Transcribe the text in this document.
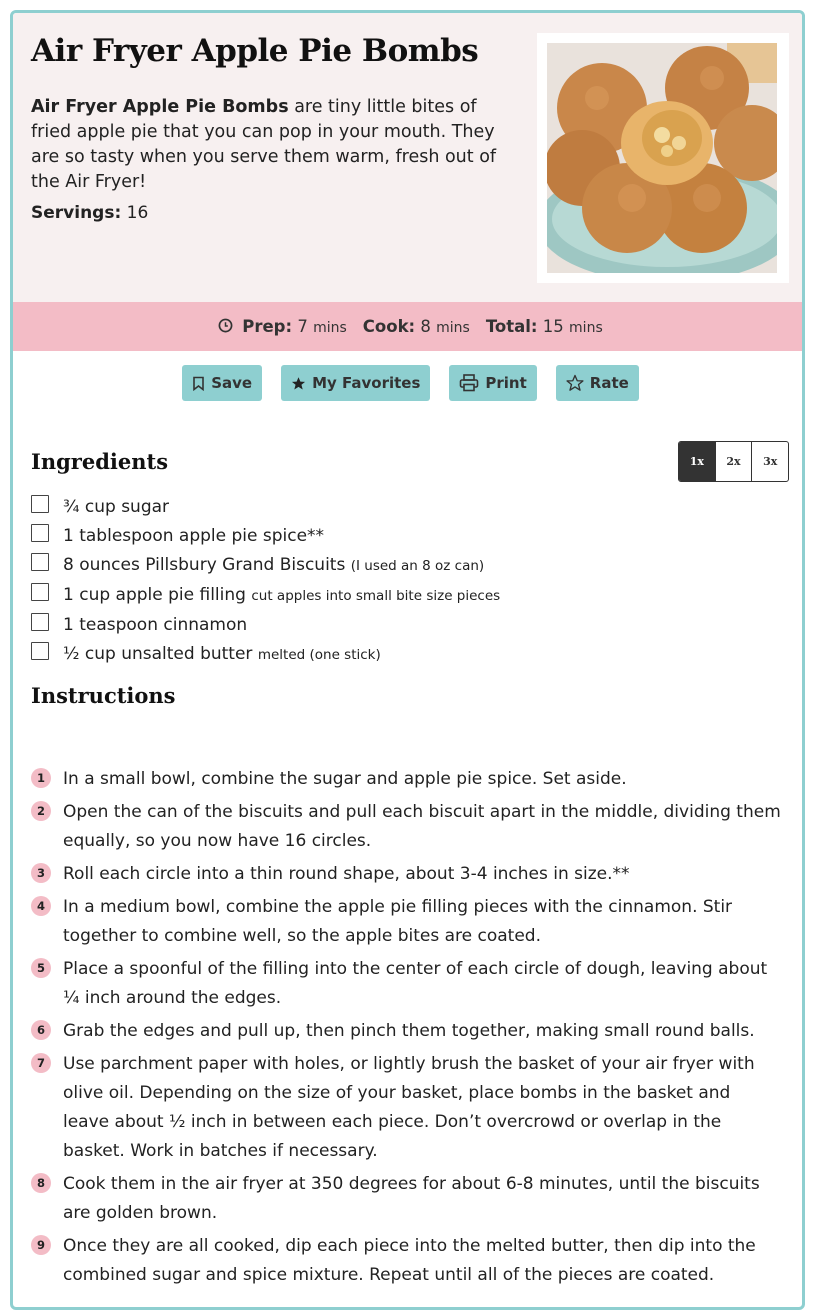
Air Fryer Apple Pie Bombs

Air Fryer Apple Pie Bombs are tiny little bites of fried apple pie that you can pop in your mouth. They are so tasty when you serve them warm, fresh out of the Air Fryer!

Servings: 16
Prep: 7 mins Cook: 8 mins Total: 15 mins
Save	My Favorites	Print	Rate
Ingredients	1x	2x	3x
¾ cup sugar
1 tablespoon apple pie spice**
8 ounces Pillsbury Grand Biscuits (I used an 8 oz can)
1 cup apple pie filling cut apples into small bite size pieces
1 teaspoon cinnamon
½ cup unsalted butter melted (one stick)
Instructions
1	In a small bowl, combine the sugar and apple pie spice. Set aside.
2	Open the can of the biscuits and pull each biscuit apart in the middle, dividing them equally, so you now have 16 circles.
3	Roll each circle into a thin round shape, about 3-4 inches in size.**
4	In a medium bowl, combine the apple pie filling pieces with the cinnamon. Stir together to combine well, so the apple bites are coated.
5	Place a spoonful of the filling into the center of each circle of dough, leaving about ¼ inch around the edges.
6	Grab the edges and pull up, then pinch them together, making small round balls.
7	Use parchment paper with holes, or lightly brush the basket of your air fryer with olive oil. Depending on the size of your basket, place bombs in the basket and leave about ½ inch in between each piece. Don’t overcrowd or overlap in the basket. Work in batches if necessary.
8	Cook them in the air fryer at 350 degrees for about 6-8 minutes, until the biscuits are golden brown.
9	Once they are all cooked, dip each piece into the melted butter, then dip into the combined sugar and spice mixture. Repeat until all of the pieces are coated.
